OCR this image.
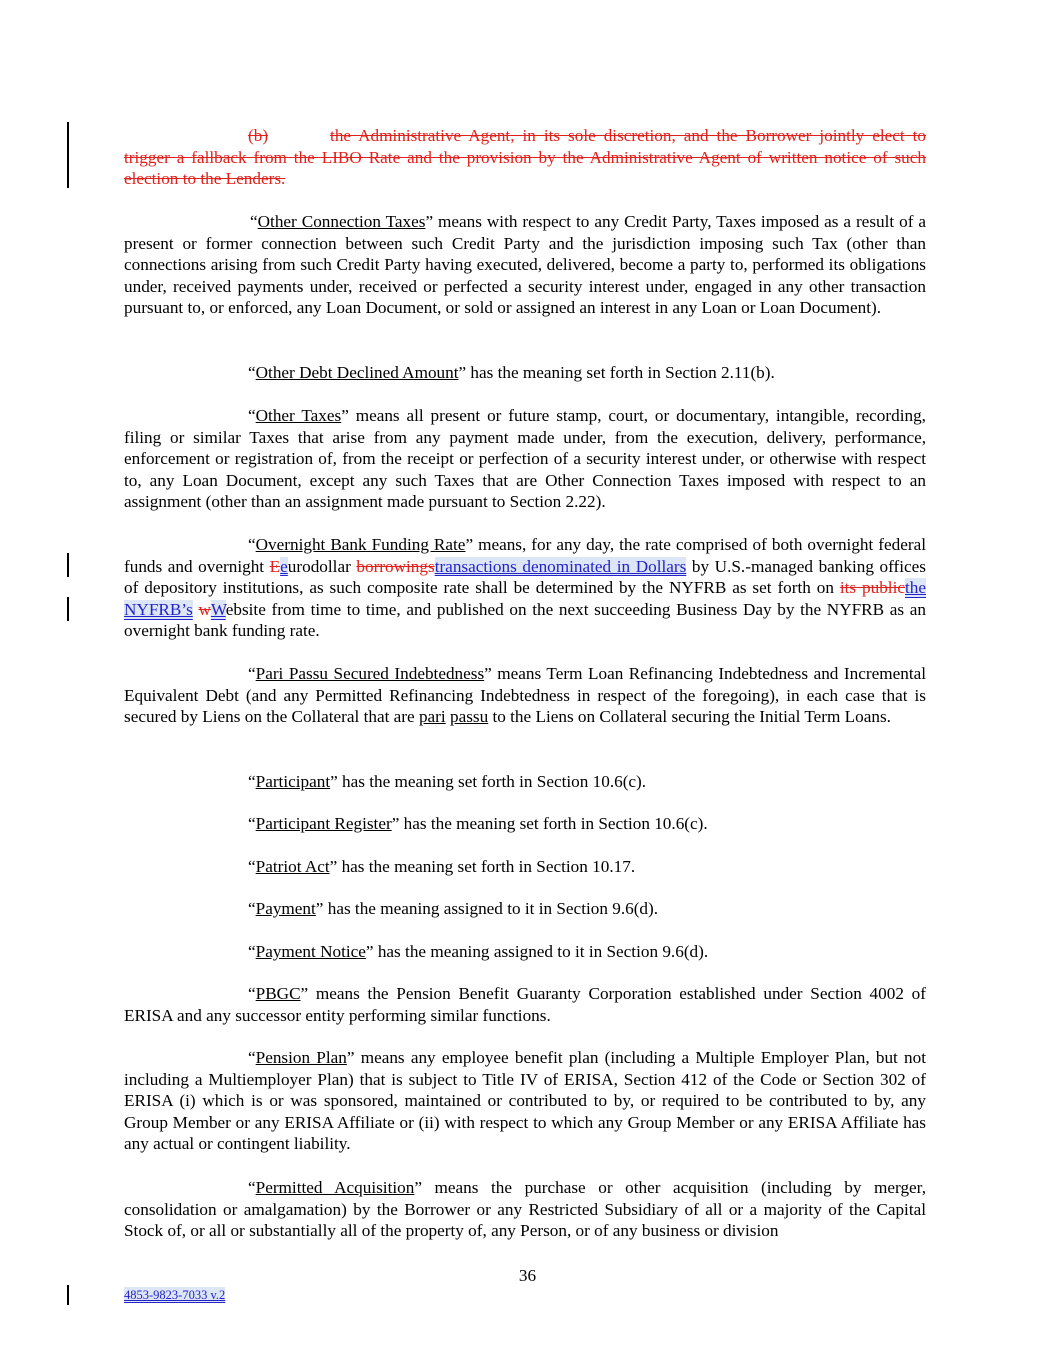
(b)	the Administrative Agent, in its sole discretion, and the Borrower jointly elect to trigger a fallback from the LIBO Rate and the provision by the Administrative Agent of written notice of such election to the Lenders.

“Other Connection Taxes” means with respect to any Credit Party, Taxes imposed as a result of a present or former connection between such Credit Party and the jurisdiction imposing such Tax (other than connections arising from such Credit Party having executed, delivered, become a party to, performed its obligations under, received payments under, received or perfected a security interest under, engaged in any other transaction pursuant to, or enforced, any Loan Document, or sold or assigned an interest in any Loan or Loan Document).

“Other Debt Declined Amount” has the meaning set forth in Section 2.11(b).

“Other Taxes” means all present or future stamp, court, or documentary, intangible, recording, filing or similar Taxes that arise from any payment made under, from the execution, delivery, performance, enforcement or registration of, from the receipt or perfection of a security interest under, or otherwise with respect to, any Loan Document, except any such Taxes that are Other Connection Taxes imposed with respect to an assignment (other than an assignment made pursuant to Section 2.22).

“Overnight Bank Funding Rate” means, for any day, the rate comprised of both overnight federal funds and overnight Eeurodollar borrowingstransactions denominated in Dollars by U.S.-managed banking offices of depository institutions, as such composite rate shall be determined by the NYFRB as set forth on its publicthe NYFRB’s wWebsite from time to time, and published on the next succeeding Business Day by the NYFRB as an overnight bank funding rate.

“Pari Passu Secured Indebtedness” means Term Loan Refinancing Indebtedness and Incremental Equivalent Debt (and any Permitted Refinancing Indebtedness in respect of the foregoing), in each case that is secured by Liens on the Collateral that are pari passu to the Liens on Collateral securing the Initial Term Loans.

“Participant” has the meaning set forth in Section 10.6(c).

“Participant Register” has the meaning set forth in Section 10.6(c).

“Patriot Act” has the meaning set forth in Section 10.17.

“Payment” has the meaning assigned to it in Section 9.6(d).

“Payment Notice” has the meaning assigned to it in Section 9.6(d).

“PBGC” means the Pension Benefit Guaranty Corporation established under Section 4002 of ERISA and any successor entity performing similar functions.

“Pension Plan” means any employee benefit plan (including a Multiple Employer Plan, but not including a Multiemployer Plan) that is subject to Title IV of ERISA, Section 412 of the Code or Section 302 of ERISA (i) which is or was sponsored, maintained or contributed to by, or required to be contributed to by, any Group Member or any ERISA Affiliate or (ii) with respect to which any Group Member or any ERISA Affiliate has any actual or contingent liability.

“Permitted Acquisition” means the purchase or other acquisition (including by merger, consolidation or amalgamation) by the Borrower or any Restricted Subsidiary of all or a majority of the Capital Stock of, or all or substantially all of the property of, any Person, or of any business or division

36
4853-9823-7033 v.2
